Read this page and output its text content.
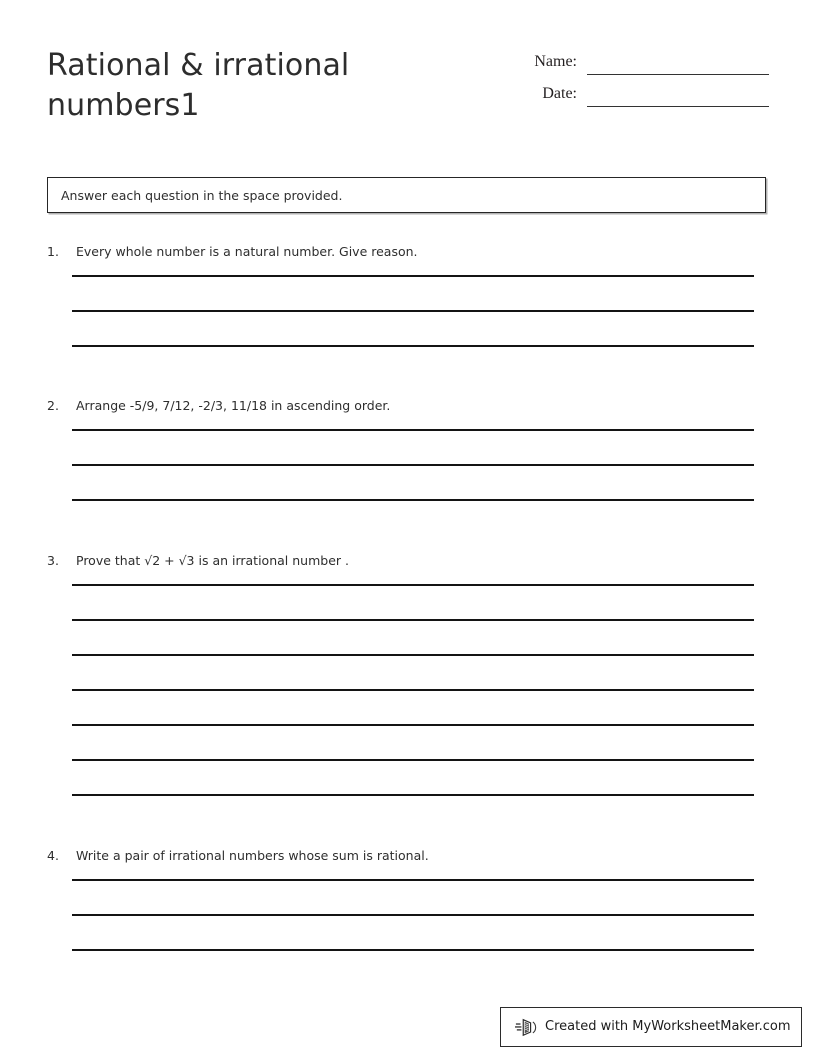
Rational & irrational numbers1
Name:
Date:
Answer each question in the space provided.
1.	Every whole number is a natural number. Give reason.
2.	Arrange -5/9, 7/12, -2/3, 11/18 in ascending order.
3.	Prove that √2 + √3 is an irrational number .
4.	Write a pair of irrational numbers whose sum is rational.
Created with MyWorksheetMaker.com
